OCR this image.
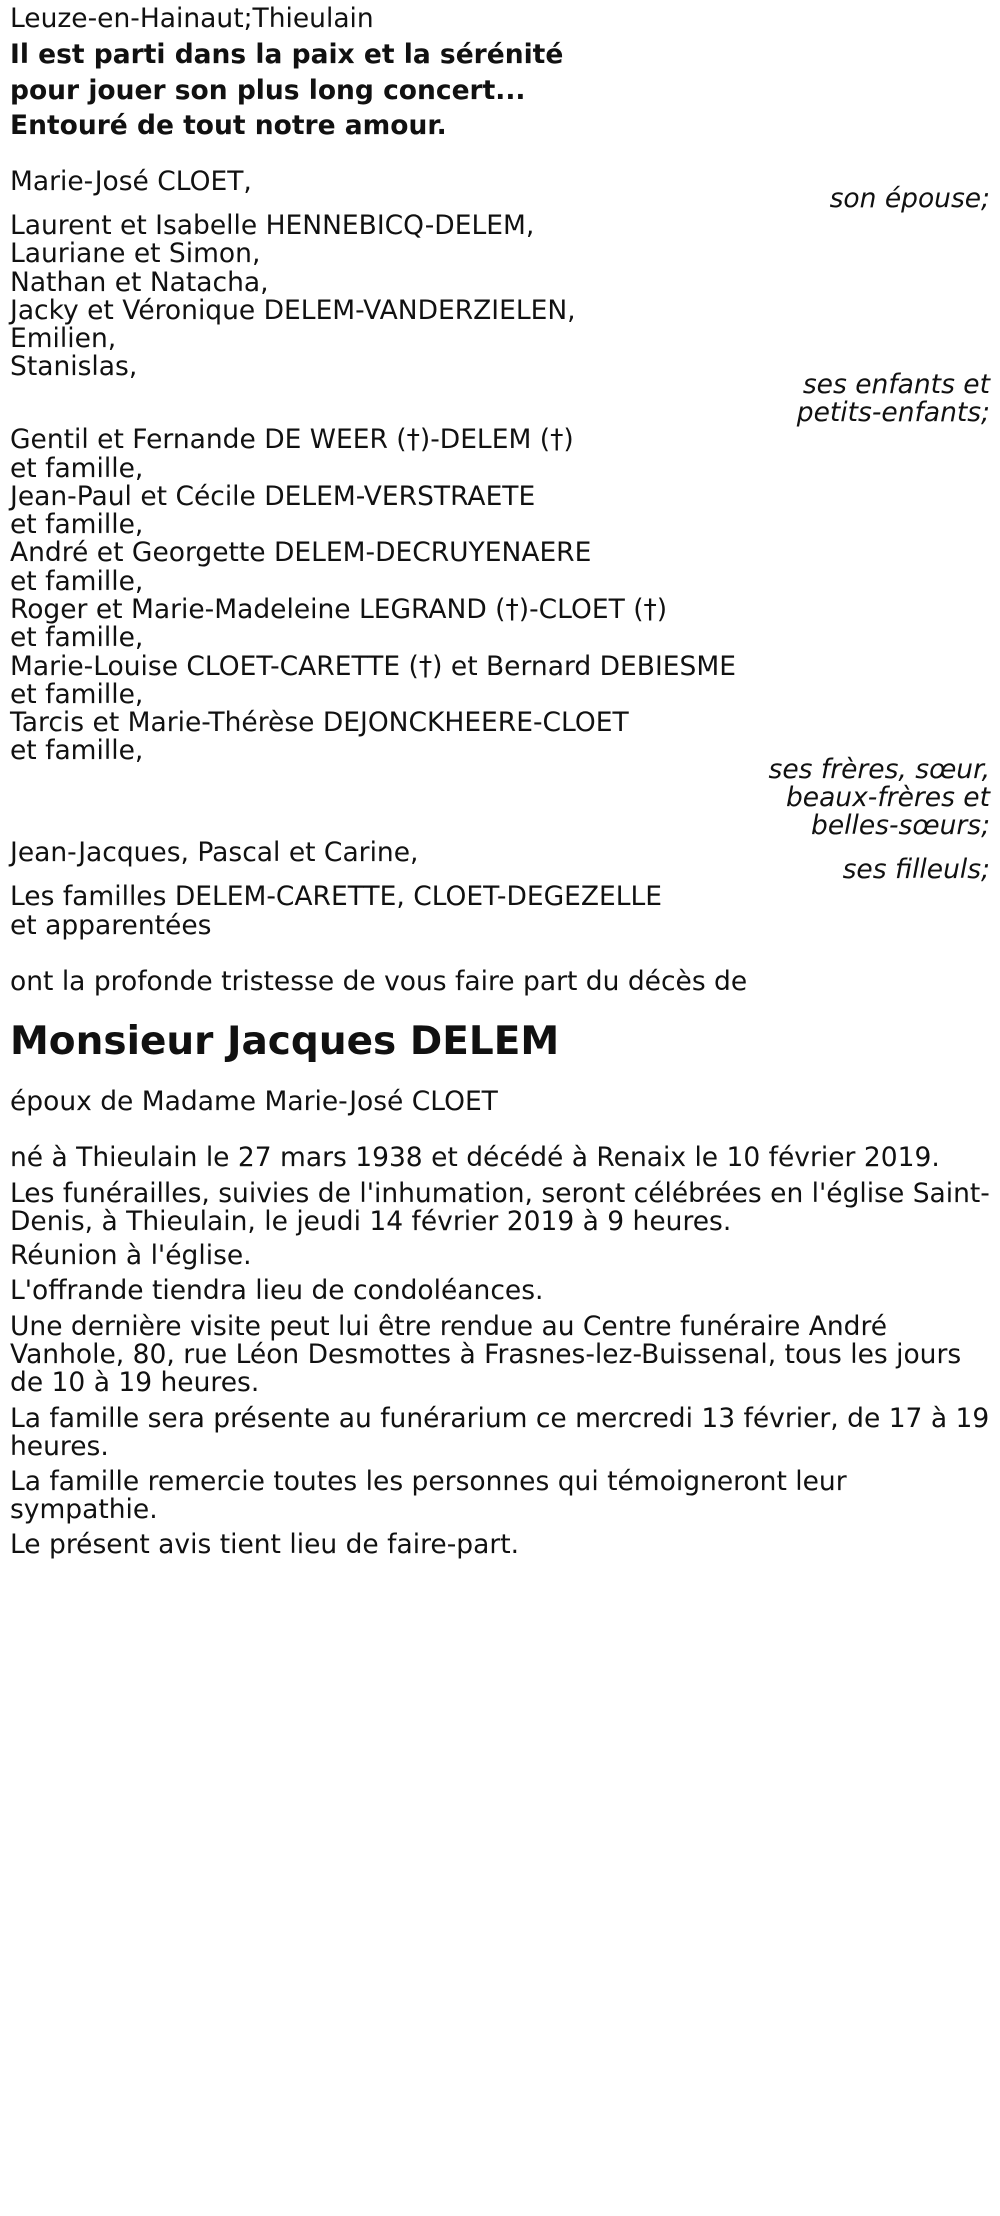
Leuze-en-Hainaut;Thieulain
Il est parti dans la paix et la sérénité
pour jouer son plus long concert...
Entouré de tout notre amour.
Marie-José CLOET,
son épouse;
Laurent et Isabelle HENNEBICQ-DELEM,
Lauriane et Simon,
Nathan et Natacha,
Jacky et Véronique DELEM-VANDERZIELEN,
Emilien,
Stanislas,
ses enfants et
petits-enfants;
Gentil et Fernande DE WEER (†)-DELEM (†)
et famille,
Jean-Paul et Cécile DELEM-VERSTRAETE
et famille,
André et Georgette DELEM-DECRUYENAERE
et famille,
Roger et Marie-Madeleine LEGRAND (†)-CLOET (†)
et famille,
Marie-Louise CLOET-CARETTE (†) et Bernard DEBIESME
et famille,
Tarcis et Marie-Thérèse DEJONCKHEERE-CLOET
et famille,
ses frères, sœur,
beaux-frères et
belles-sœurs;
Jean-Jacques, Pascal et Carine,
ses filleuls;
Les familles DELEM-CARETTE, CLOET-DEGEZELLE
et apparentées
ont la profonde tristesse de vous faire part du décès de
Monsieur Jacques DELEM
époux de Madame Marie-José CLOET
né à Thieulain le 27 mars 1938 et décédé à Renaix le 10 février 2019.
Les funérailles, suivies de l'inhumation, seront célébrées en l'église Saint-
Denis, à Thieulain, le jeudi 14 février 2019 à 9 heures.
Réunion à l'église.
L'offrande tiendra lieu de condoléances.
Une dernière visite peut lui être rendue au Centre funéraire André
Vanhole, 80, rue Léon Desmottes à Frasnes-lez-Buissenal, tous les jours
de 10 à 19 heures.
La famille sera présente au funérarium ce mercredi 13 février, de 17 à 19
heures.
La famille remercie toutes les personnes qui témoigneront leur
sympathie.
Le présent avis tient lieu de faire-part.
